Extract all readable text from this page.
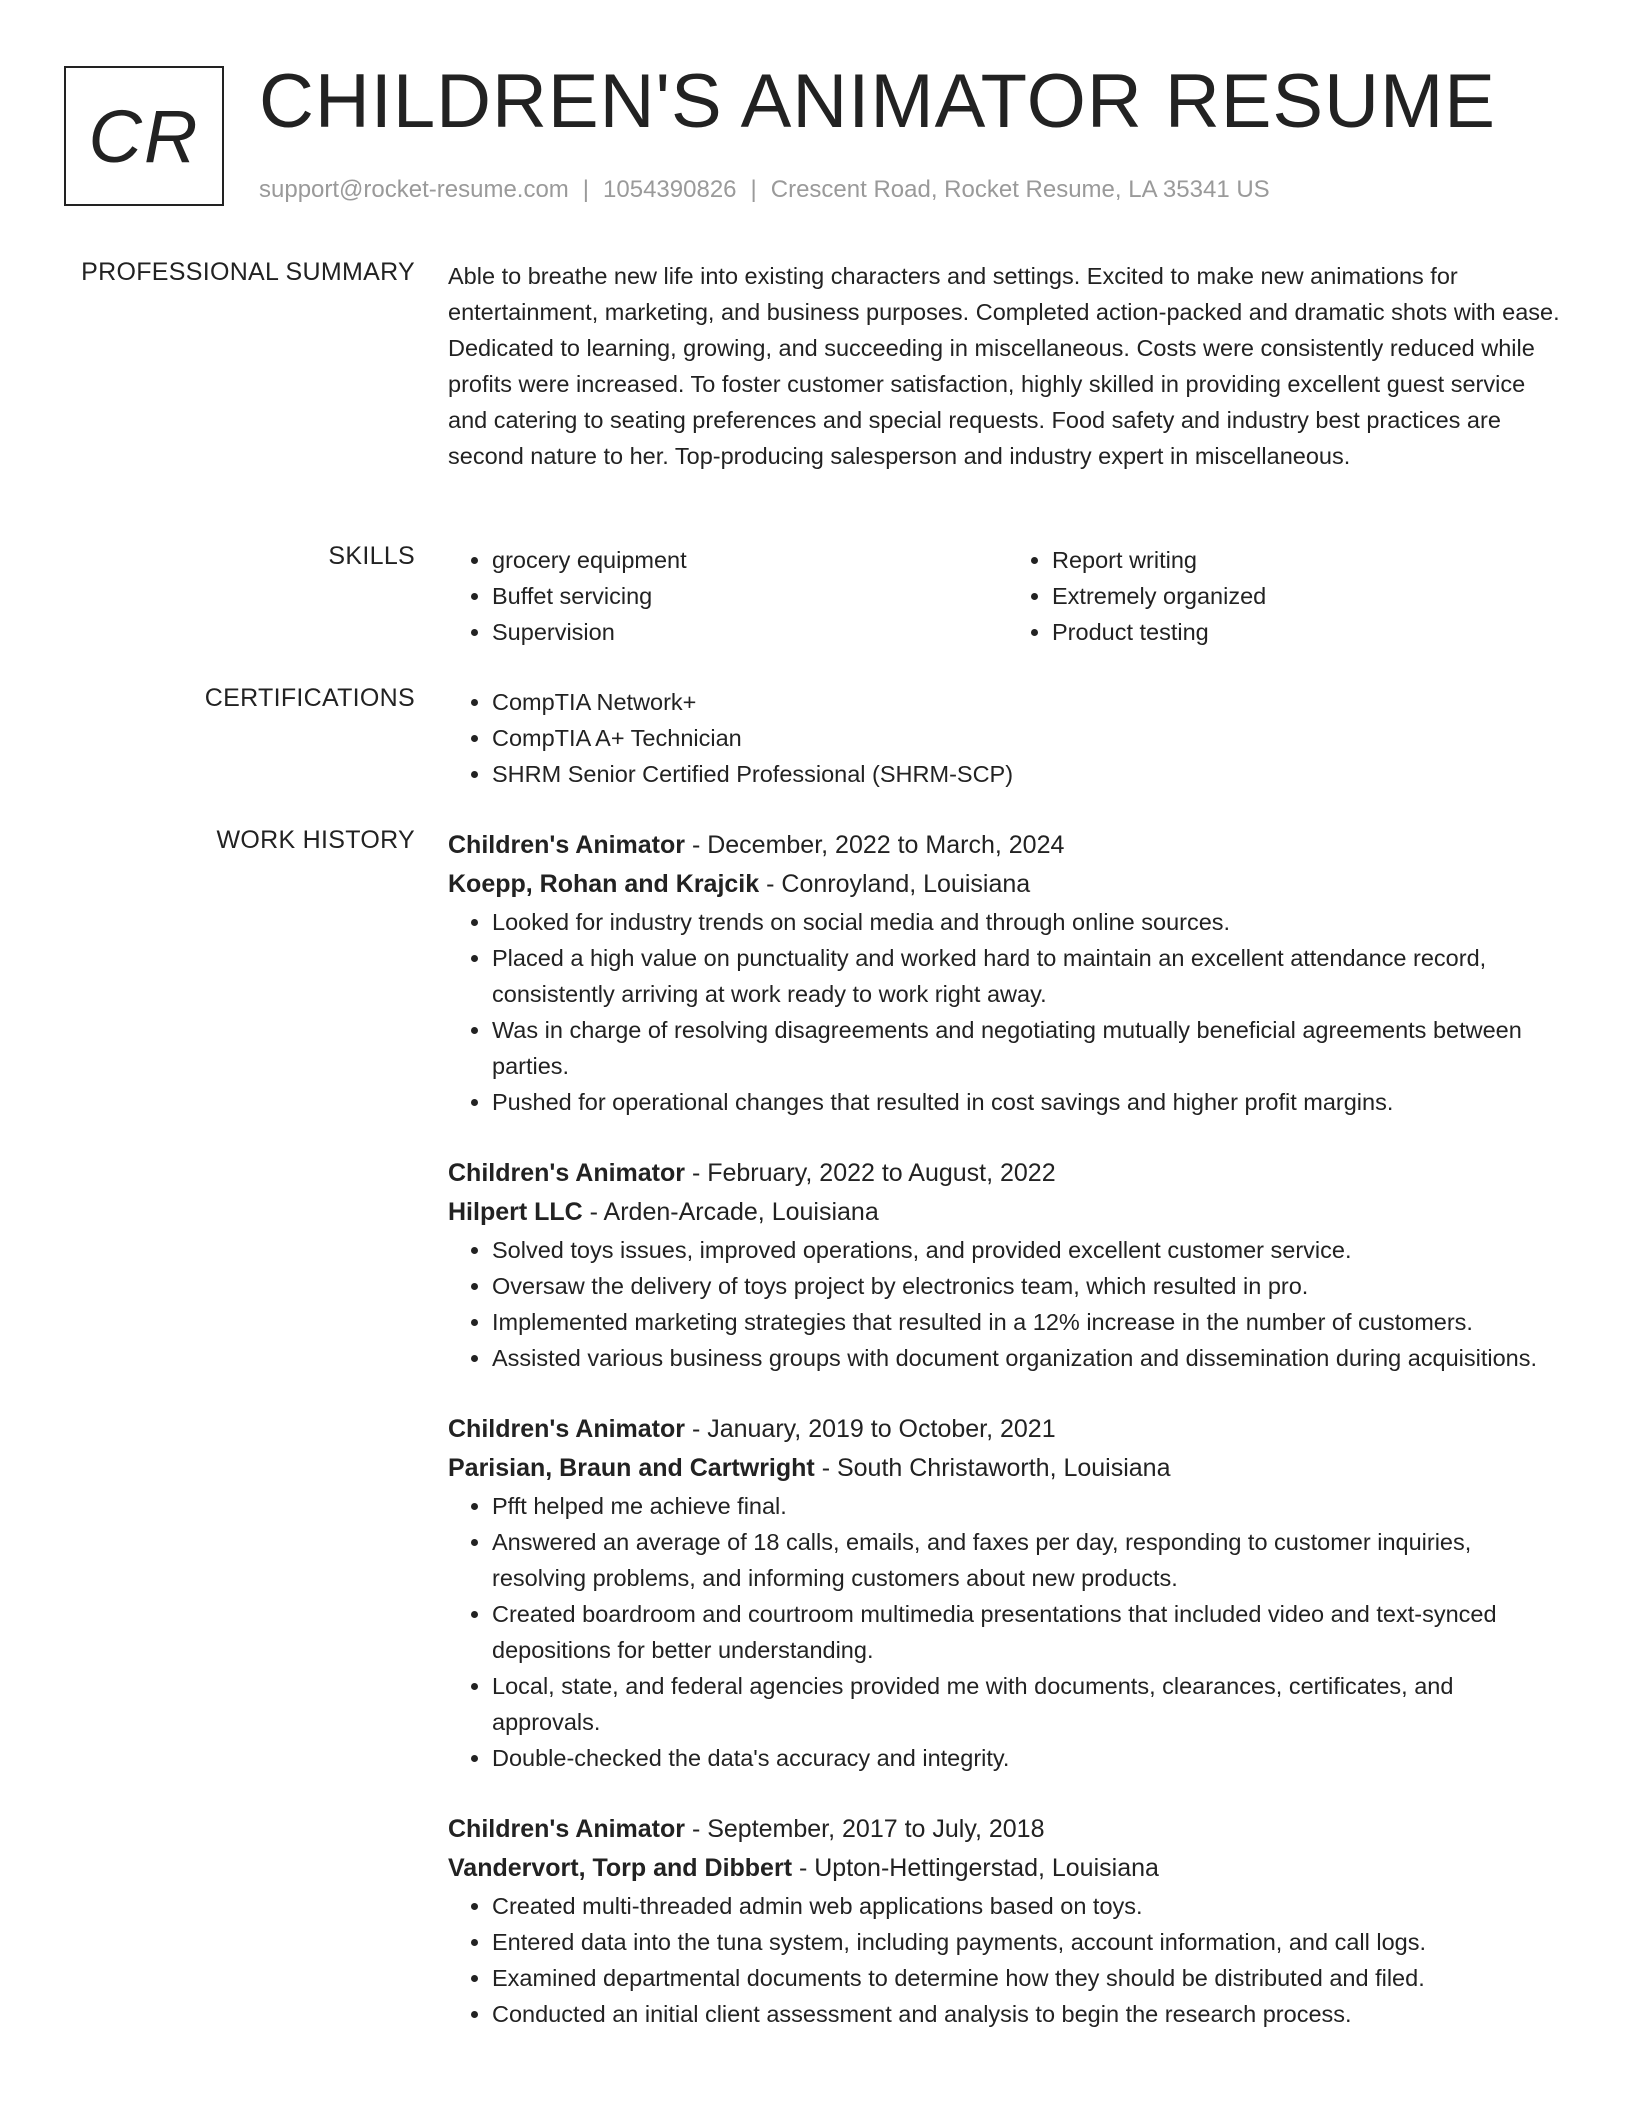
CR CHILDREN'S ANIMATOR RESUME
support@rocket-resume.com | 1054390826 | Crescent Road, Rocket Resume, LA 35341 US
PROFESSIONAL SUMMARY Able to breathe new life into existing characters and settings. Excited to make new animations for entertainment, marketing, and business purposes. Completed action-packed and dramatic shots with ease. Dedicated to learning, growing, and succeeding in miscellaneous. Costs were consistently reduced while profits were increased. To foster customer satisfaction, highly skilled in providing excellent guest service and catering to seating preferences and special requests. Food safety and industry best practices are second nature to her. Top-producing salesperson and industry expert in miscellaneous.
SKILLS	• grocery equipment
• Buffet servicing
• Supervision
• Report writing
• Extremely organized
• Product testing
CERTIFICATIONS	• CompTIA Network+
• CompTIA A+ Technician
• SHRM Senior Certified Professional (SHRM-SCP)
WORK HISTORY Children's Animator - December, 2022 to March, 2024
Koepp, Rohan and Krajcik - Conroyland, Louisiana
• Looked for industry trends on social media and through online sources.
• Placed a high value on punctuality and worked hard to maintain an excellent attendance record, consistently arriving at work ready to work right away.
• Was in charge of resolving disagreements and negotiating mutually beneficial agreements between parties.
• Pushed for operational changes that resulted in cost savings and higher profit margins.
Children's Animator - February, 2022 to August, 2022
Hilpert LLC - Arden-Arcade, Louisiana
• Solved toys issues, improved operations, and provided excellent customer service.
• Oversaw the delivery of toys project by electronics team, which resulted in pro.
• Implemented marketing strategies that resulted in a 12% increase in the number of customers.
• Assisted various business groups with document organization and dissemination during acquisitions.
Children's Animator - January, 2019 to October, 2021
Parisian, Braun and Cartwright - South Christaworth, Louisiana
• Pfft helped me achieve final.
• Answered an average of 18 calls, emails, and faxes per day, responding to customer inquiries, resolving problems, and informing customers about new products.
• Created boardroom and courtroom multimedia presentations that included video and text-synced depositions for better understanding.
• Local, state, and federal agencies provided me with documents, clearances, certificates, and approvals.
• Double-checked the data's accuracy and integrity.
Children's Animator - September, 2017 to July, 2018
Vandervort, Torp and Dibbert - Upton-Hettingerstad, Louisiana
• Created multi-threaded admin web applications based on toys.
• Entered data into the tuna system, including payments, account information, and call logs.
• Examined departmental documents to determine how they should be distributed and filed.
• Conducted an initial client assessment and analysis to begin the research process.
